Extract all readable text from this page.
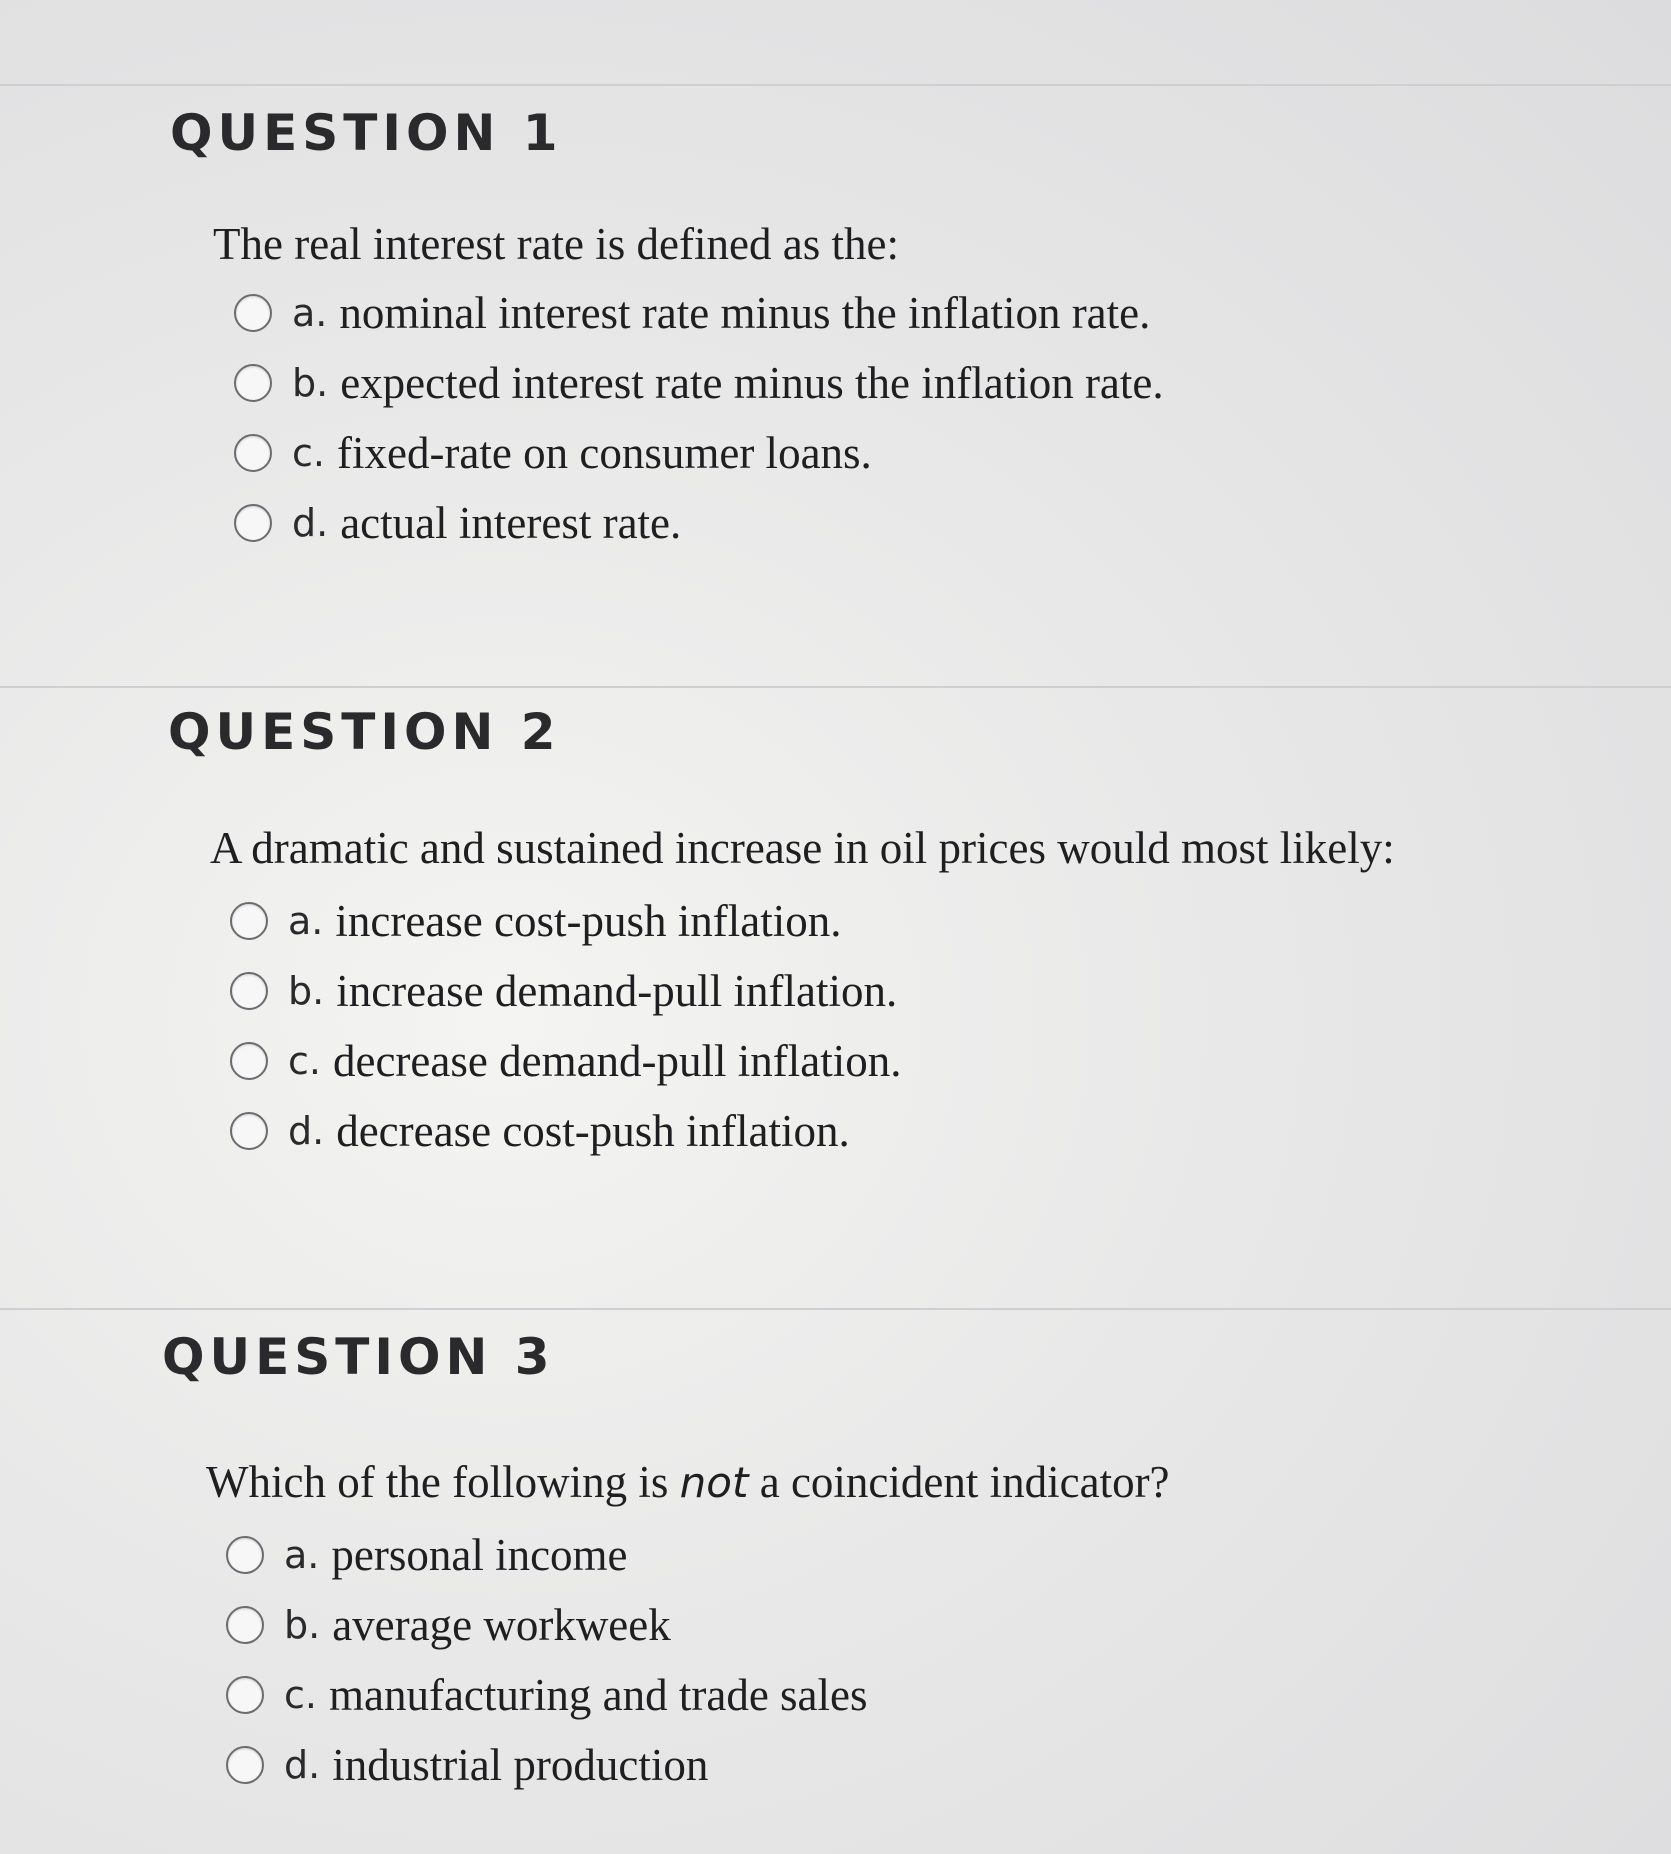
QUESTION 1
The real interest rate is defined as the:
a. nominal interest rate minus the inflation rate.
b. expected interest rate minus the inflation rate.
c. fixed-rate on consumer loans.
d. actual interest rate.
QUESTION 2
A dramatic and sustained increase in oil prices would most likely:
a. increase cost-push inflation.
b. increase demand-pull inflation.
c. decrease demand-pull inflation.
d. decrease cost-push inflation.
QUESTION 3
Which of the following is not a coincident indicator?
a. personal income
b. average workweek
c. manufacturing and trade sales
d. industrial production
